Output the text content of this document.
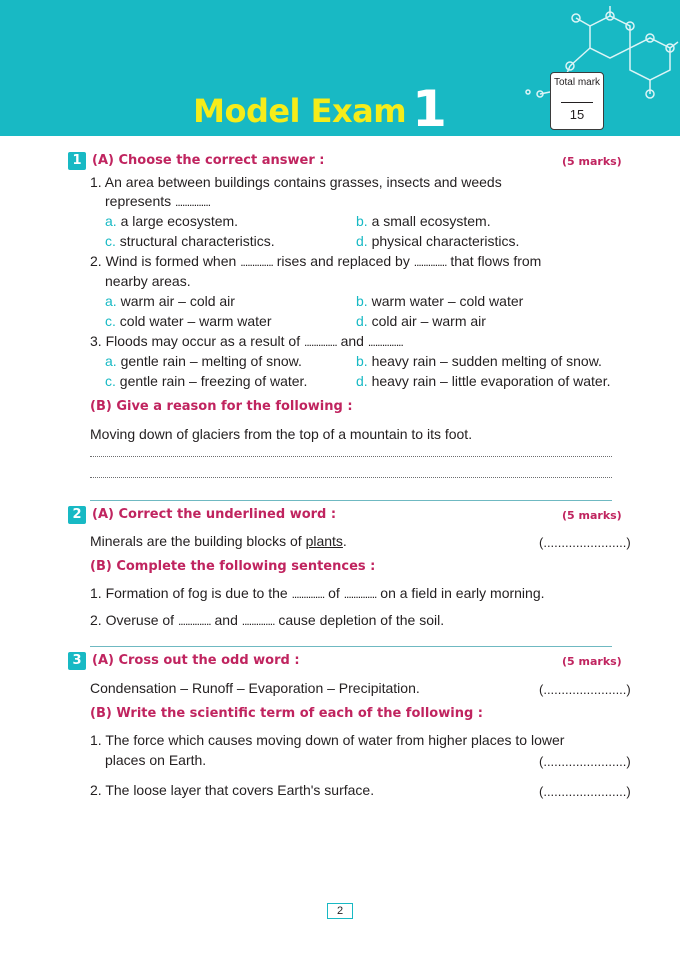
Model Exam 1	Total mark
15
1 (A) Choose the correct answer :	(5 marks)
1. An area between buildings contains grasses, insects and weeds
represents ...............
a. a large ecosystem.	b. a small ecosystem.
c. structural characteristics.	d. physical characteristics.
2. Wind is formed when .............. rises and replaced by .............. that flows from
nearby areas.
a. warm air – cold air	b. warm water – cold water
c. cold water – warm water	d. cold air – warm air
3. Floods may occur as a result of .............. and ...............
a. gentle rain – melting of snow.	b. heavy rain – sudden melting of snow.
c. gentle rain – freezing of water.	d. heavy rain – little evaporation of water.
(B) Give a reason for the following :
Moving down of glaciers from the top of a mountain to its foot.
2 (A) Correct the underlined word :	(5 marks)
Minerals are the building blocks of plants.	(.......................)
(B) Complete the following sentences :
1. Formation of fog is due to the .............. of .............. on a field in early morning.
2. Overuse of .............. and .............. cause depletion of the soil.
3 (A) Cross out the odd word :	(5 marks)
Condensation – Runoff – Evaporation – Precipitation.	(.......................)
(B) Write the scientific term of each of the following :
1. The force which causes moving down of water from higher places to lower
places on Earth.	(.......................)
2. The loose layer that covers Earth's surface.	(.......................)
2
